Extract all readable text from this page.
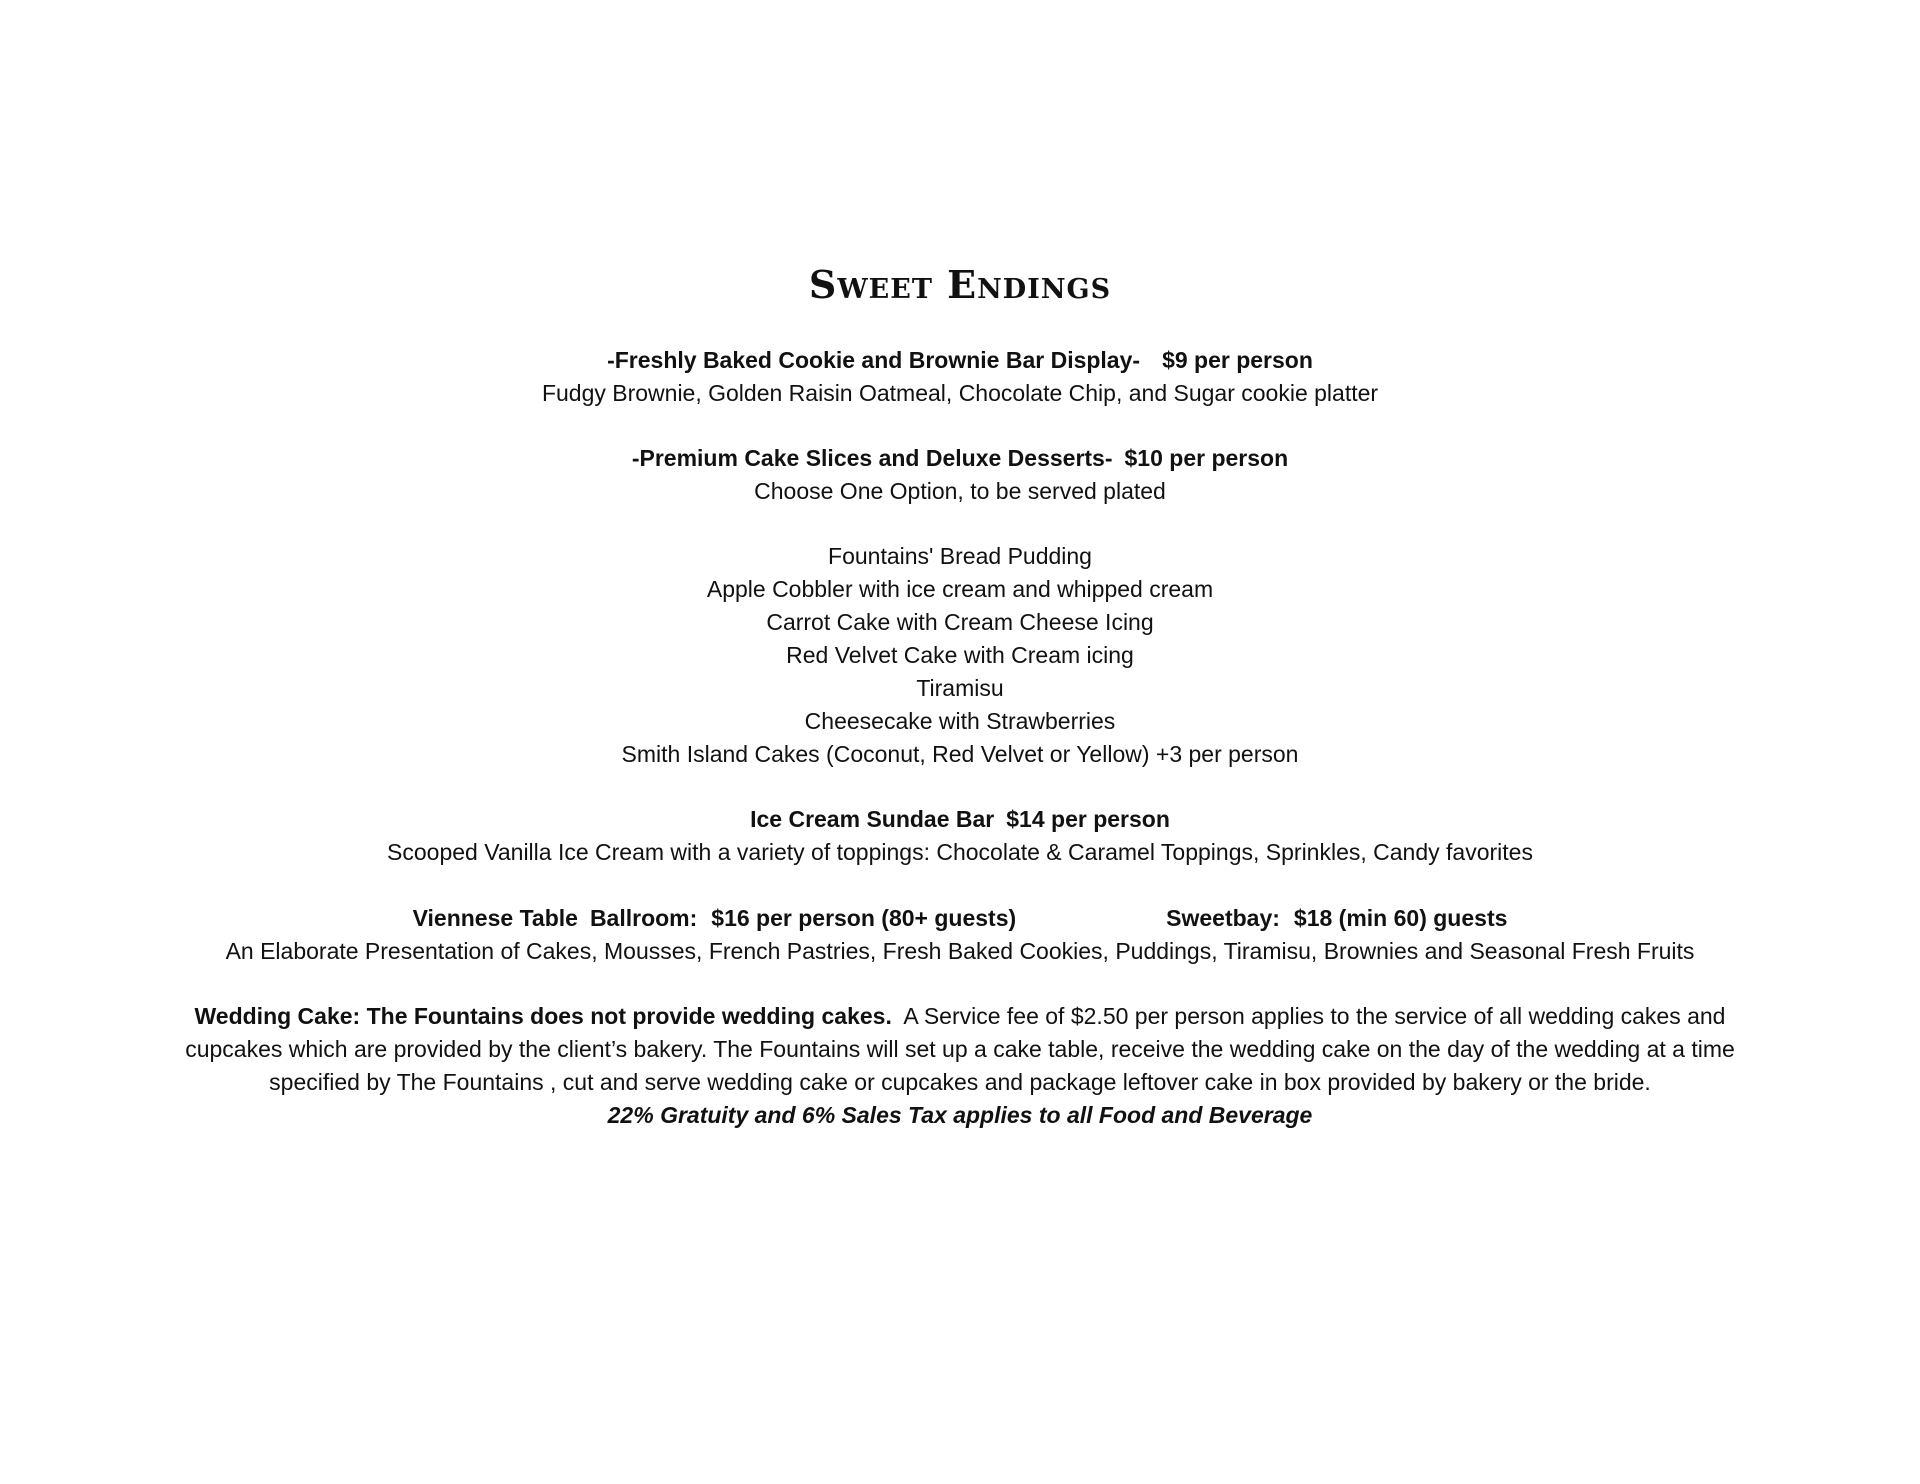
Sweet Endings
-Freshly Baked Cookie and Brownie Bar Display- $9 per person
Fudgy Brownie, Golden Raisin Oatmeal, Chocolate Chip, and Sugar cookie platter
-Premium Cake Slices and Deluxe Desserts- $10 per person
Choose One Option, to be served plated
Fountains' Bread Pudding
Apple Cobbler with ice cream and whipped cream
Carrot Cake with Cream Cheese Icing
Red Velvet Cake with Cream icing
Tiramisu
Cheesecake with Strawberries
Smith Island Cakes (Coconut, Red Velvet or Yellow) +3 per person
Ice Cream Sundae Bar $14 per person
Scooped Vanilla Ice Cream with a variety of toppings: Chocolate & Caramel Toppings, Sprinkles, Candy favorites
Viennese Table Ballroom: $16 per person (80+ guests)	Sweetbay: $18 (min 60) guests
An Elaborate Presentation of Cakes, Mousses, French Pastries, Fresh Baked Cookies, Puddings, Tiramisu, Brownies and Seasonal Fresh Fruits
Wedding Cake: The Fountains does not provide wedding cakes. A Service fee of $2.50 per person applies to the service of all wedding cakes and cupcakes which are provided by the client’s bakery. The Fountains will set up a cake table, receive the wedding cake on the day of the wedding at a time specified by The Fountains , cut and serve wedding cake or cupcakes and package leftover cake in box provided by bakery or the bride.
22% Gratuity and 6% Sales Tax applies to all Food and Beverage
